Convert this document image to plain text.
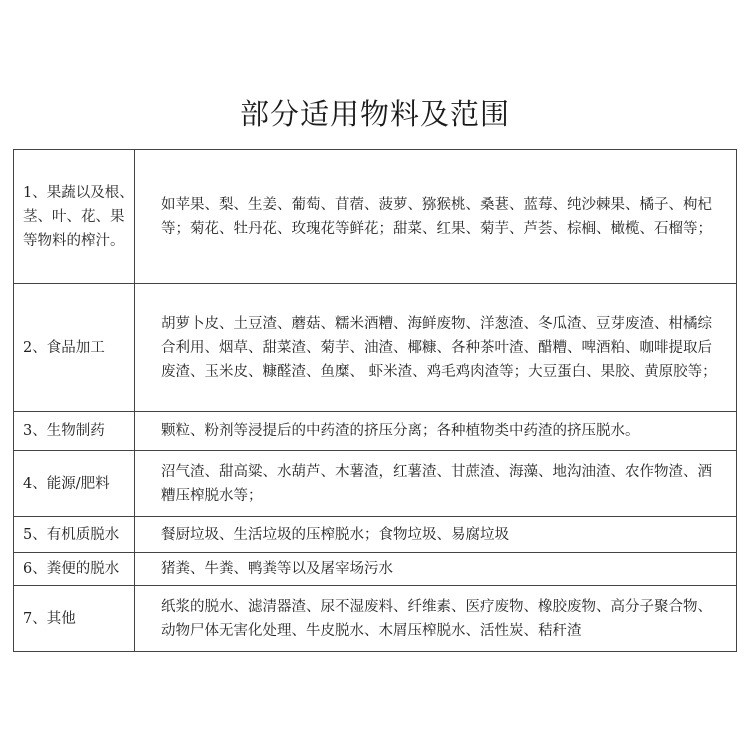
部分适用物料及范围
1、果蔬以及根、茎、叶、花、果等物料的榨汁。	如苹果、梨、生姜、葡萄、苜蓿、菠萝、猕猴桃、桑葚、蓝莓、纯沙棘果、橘子、枸杞等；菊花、牡丹花、玫瑰花等鲜花；甜菜、红果、菊芋、芦荟、棕榈、橄榄、石榴等；
2、食品加工	胡萝卜皮、土豆渣、蘑菇、糯米酒糟、海鲜废物、洋葱渣、冬瓜渣、豆芽废渣、柑橘综合利用、烟草、甜菜渣、菊芋、油渣、椰糠、各种茶叶渣、醋糟、啤酒粕、咖啡提取后废渣、玉米皮、糠醛渣、鱼糜、 虾米渣、鸡毛鸡肉渣等；大豆蛋白、果胶、黄原胶等；
3、生物制药	颗粒、粉剂等浸提后的中药渣的挤压分离；各种植物类中药渣的挤压脱水。
4、能源/肥料	沼气渣、甜高粱、水葫芦、木薯渣，红薯渣、甘蔗渣、海藻、地沟油渣、农作物渣、酒糟压榨脱水等；
5、有机质脱水	餐厨垃圾、生活垃圾的压榨脱水；食物垃圾、易腐垃圾
6、粪便的脱水	猪粪、牛粪、鸭粪等以及屠宰场污水
7、其他	纸浆的脱水、滤清器渣、尿不湿废料、纤维素、医疗废物、橡胶废物、高分子聚合物、动物尸体无害化处理、牛皮脱水、木屑压榨脱水、活性炭、秸秆渣
